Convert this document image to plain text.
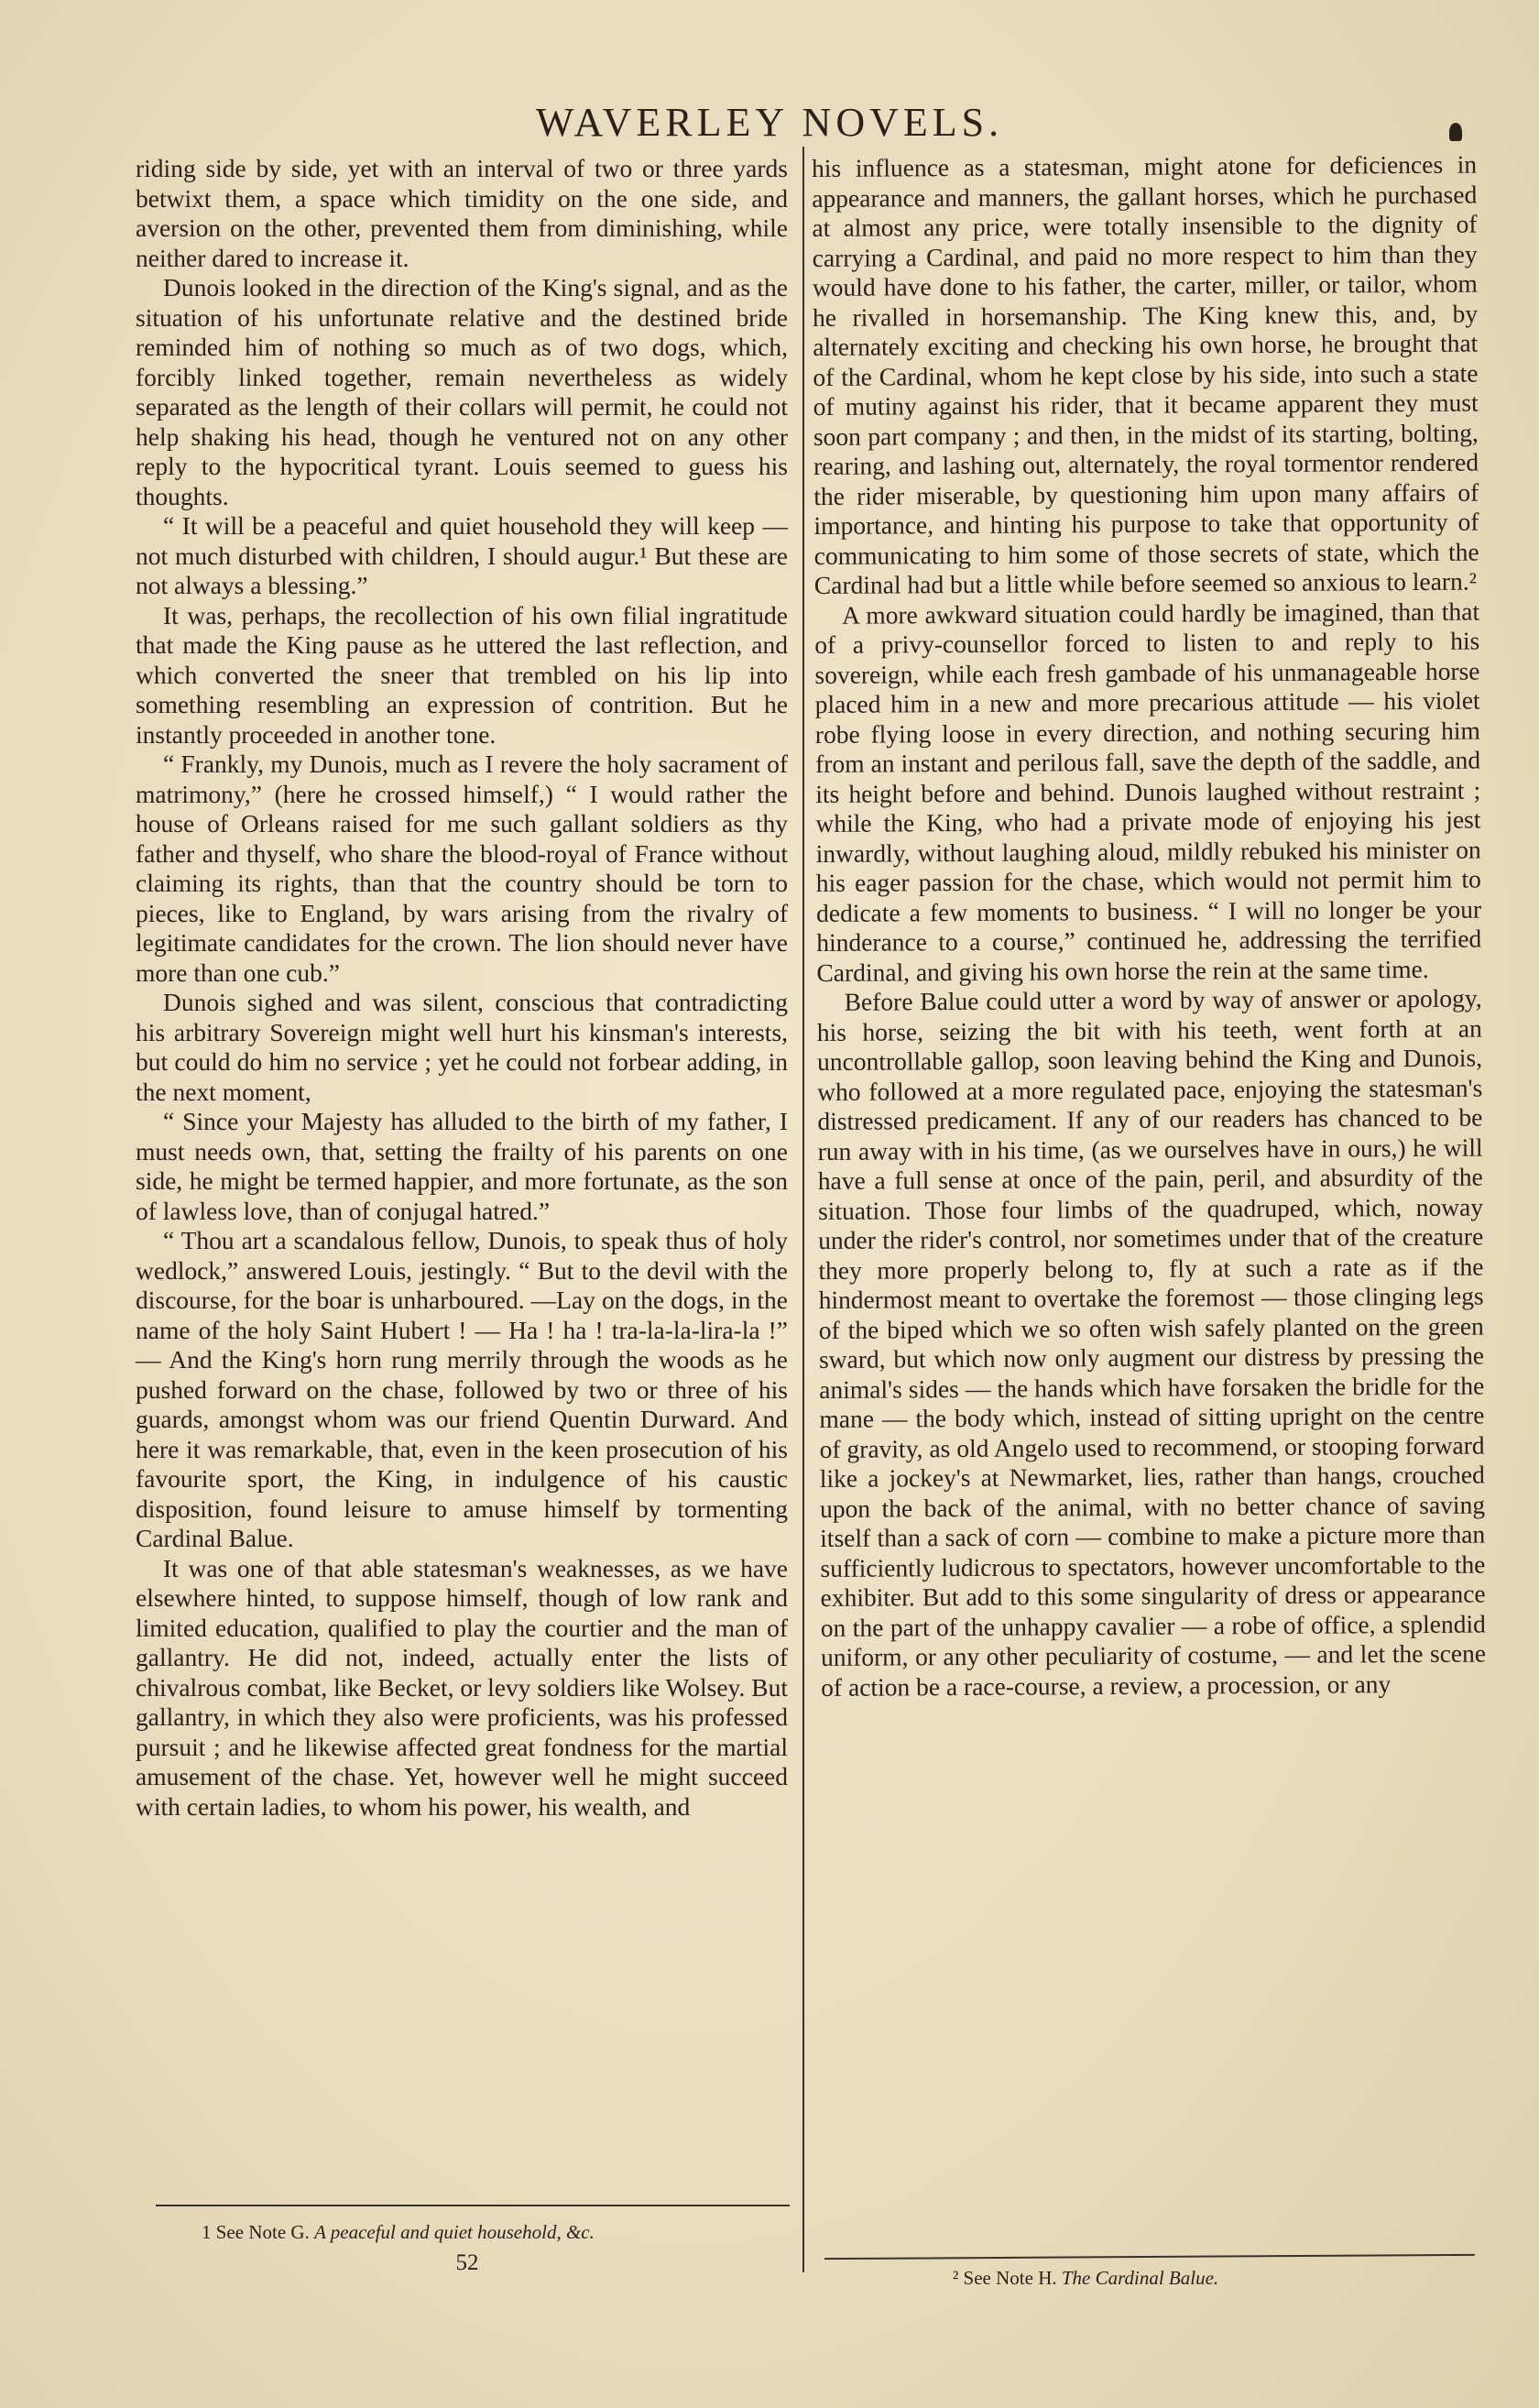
WAVERLEY NOVELS.

riding side by side, yet with an interval of two or three yards betwixt them, a space which timidity on the one side, and aversion on the other, prevented them from diminishing, while neither dared to increase it.

Dunois looked in the direction of the King's signal, and as the situation of his unfortunate relative and the destined bride reminded him of nothing so much as of two dogs, which, forcibly linked together, remain nevertheless as widely separated as the length of their collars will permit, he could not help shaking his head, though he ventured not on any other reply to the hypocritical tyrant. Louis seemed to guess his thoughts.

“ It will be a peaceful and quiet household they will keep — not much disturbed with children, I should augur.¹ But these are not always a blessing.”

It was, perhaps, the recollection of his own filial ingratitude that made the King pause as he uttered the last reflection, and which converted the sneer that trembled on his lip into something resembling an expression of contrition. But he instantly proceeded in another tone.

“ Frankly, my Dunois, much as I revere the holy sacrament of matrimony,” (here he crossed himself,) “ I would rather the house of Orleans raised for me such gallant soldiers as thy father and thyself, who share the blood-royal of France without claiming its rights, than that the country should be torn to pieces, like to England, by wars arising from the rivalry of legitimate candidates for the crown. The lion should never have more than one cub.”

Dunois sighed and was silent, conscious that contradicting his arbitrary Sovereign might well hurt his kinsman's interests, but could do him no service ; yet he could not forbear adding, in the next moment,

“ Since your Majesty has alluded to the birth of my father, I must needs own, that, setting the frailty of his parents on one side, he might be termed happier, and more fortunate, as the son of lawless love, than of conjugal hatred.”

“ Thou art a scandalous fellow, Dunois, to speak thus of holy wedlock,” answered Louis, jestingly. “ But to the devil with the discourse, for the boar is unharboured. —Lay on the dogs, in the name of the holy Saint Hubert ! — Ha ! ha ! tra-la-la-lira-la !” — And the King's horn rung merrily through the woods as he pushed forward on the chase, followed by two or three of his guards, amongst whom was our friend Quentin Durward. And here it was remarkable, that, even in the keen prosecution of his favourite sport, the King, in indulgence of his caustic disposition, found leisure to amuse himself by tormenting Cardinal Balue.

It was one of that able statesman's weaknesses, as we have elsewhere hinted, to suppose himself, though of low rank and limited education, qualified to play the courtier and the man of gallantry. He did not, indeed, actually enter the lists of chivalrous combat, like Becket, or levy soldiers like Wolsey. But gallantry, in which they also were proficients, was his professed pursuit ; and he likewise affected great fondness for the martial amusement of the chase. Yet, however well he might succeed with certain ladies, to whom his power, his wealth, and

his influence as a statesman, might atone for deficiences in appearance and manners, the gallant horses, which he purchased at almost any price, were totally insensible to the dignity of carrying a Cardinal, and paid no more respect to him than they would have done to his father, the carter, miller, or tailor, whom he rivalled in horsemanship. The King knew this, and, by alternately exciting and checking his own horse, he brought that of the Cardinal, whom he kept close by his side, into such a state of mutiny against his rider, that it became apparent they must soon part company ; and then, in the midst of its starting, bolting, rearing, and lashing out, alternately, the royal tormentor rendered the rider miserable, by questioning him upon many affairs of importance, and hinting his purpose to take that opportunity of communicating to him some of those secrets of state, which the Cardinal had but a little while before seemed so anxious to learn.²

A more awkward situation could hardly be imagined, than that of a privy-counsellor forced to listen to and reply to his sovereign, while each fresh gambade of his unmanageable horse placed him in a new and more precarious attitude — his violet robe flying loose in every direction, and nothing securing him from an instant and perilous fall, save the depth of the saddle, and its height before and behind. Dunois laughed without restraint ; while the King, who had a private mode of enjoying his jest inwardly, without laughing aloud, mildly rebuked his minister on his eager passion for the chase, which would not permit him to dedicate a few moments to business. “ I will no longer be your hinderance to a course,” continued he, addressing the terrified Cardinal, and giving his own horse the rein at the same time.

Before Balue could utter a word by way of answer or apology, his horse, seizing the bit with his teeth, went forth at an uncontrollable gallop, soon leaving behind the King and Dunois, who followed at a more regulated pace, enjoying the statesman's distressed predicament. If any of our readers has chanced to be run away with in his time, (as we ourselves have in ours,) he will have a full sense at once of the pain, peril, and absurdity of the situation. Those four limbs of the quadruped, which, noway under the rider's control, nor sometimes under that of the creature they more properly belong to, fly at such a rate as if the hindermost meant to overtake the foremost — those clinging legs of the biped which we so often wish safely planted on the green sward, but which now only augment our distress by pressing the animal's sides — the hands which have forsaken the bridle for the mane — the body which, instead of sitting upright on the centre of gravity, as old Angelo used to recommend, or stooping forward like a jockey's at Newmarket, lies, rather than hangs, crouched upon the back of the animal, with no better chance of saving itself than a sack of corn — combine to make a picture more than sufficiently ludicrous to spectators, however uncomfortable to the exhibiter. But add to this some singularity of dress or appearance on the part of the unhappy cavalier — a robe of office, a splendid uniform, or any other peculiarity of costume, — and let the scene of action be a race-course, a review, a procession, or any

1 See Note G. A peaceful and quiet household, &c.
52
² See Note H. The Cardinal Balue.
